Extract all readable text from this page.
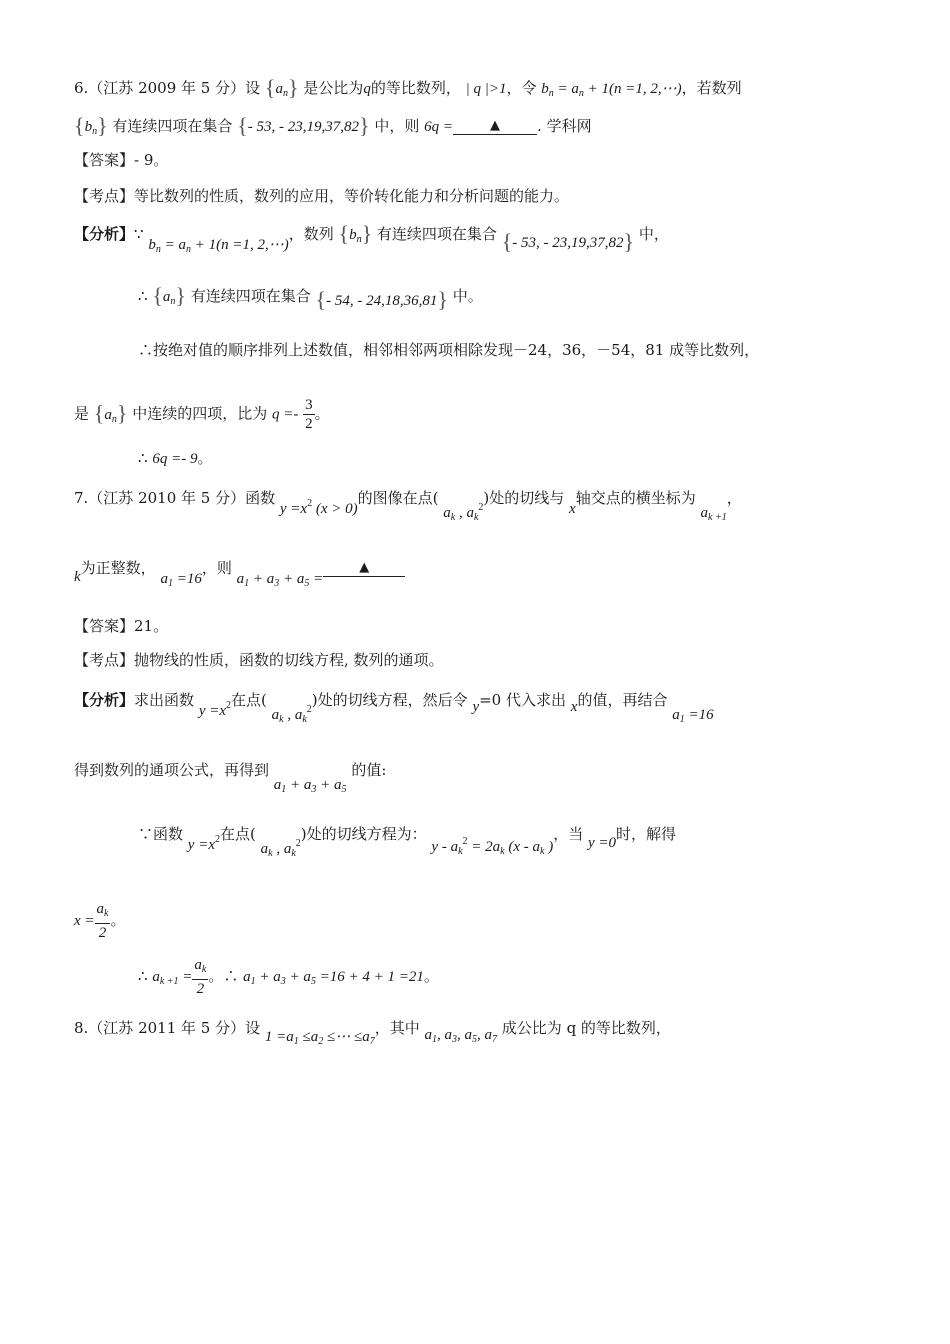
6.（江苏 2009 年 5 分）设 $\{a_n\}$ 是公比为q的等比数列， | q |>1，令 $b_n = a_n + 1(n =1$, 2,⋯)，若数列
$\{b_n\}$ 有连续四项在集合 {- 53, - 23,19,37,82} 中，则 6q =	▲ . 学科网
【答案】- 9。
【考点】等比数列的性质，数列的应用，等价转化能力和分析问题的能力。
【分析】∵ $b_n = a_n + 1(n =1$, 2,⋯)，数列 $\{b_n\}$ 有连续四项在集合 {- 53, - 23,19,37,82} 中，
∴ $\{a_n\}$ 有连续四项在集合 {- 54, - 24,18,36,81} 中。
∴按绝对值的顺序排列上述数值，相邻相邻两项相除发现－24，36，－54，81 成等比数列，
是 $\{a_n\}$ 中连续的四项，比为 $q =- \frac{3}{2}$ 。
∴ 6q =- 9。
7.（江苏 2010 年 5 分）函数 $y =x^2$ (x > 0)的图像在点( $a_k$ , $a_k^2$)处的切线与 x轴交点的横坐标为 $a_{k +1}$，
k为正整数， $a_1 =16$，则 $a_1 + a_3 + a_5$ =▲
【答案】21。
【考点】抛物线的性质，函数的切线方程, 数列的通项。
【分析】求出函数 $y =x^2$在点( $a_k$ , $a_k^2$)处的切线方程，然后令 y=0 代入求出 x的值，再结合 $a_1 =16$
得到数列的通项公式，再得到 $a_1 + a_3 + a_5$ 的值:
∵函数 $y =x^2$在点( $a_k$ , $a_k^2$)处的切线方程为： $y - a_k^2 = 2a_k$ ($x - a_k$ )，当 y =0时，解得
$x = \frac{a_k}{2}$ 。
∴ $a_{k +1} = \frac{a_k}{2}$ 。∴ $a_1 + a_3 + a_5 =16 + 4 + 1 =21$。
8.（江苏 2011 年 5 分）设 $1 =a_1 \le a_2$ ≤⋯ $\le a_7$，其中 $a_1$, $a_3$, $a_5$, $a_7$ 成公比为 q 的等比数列，
